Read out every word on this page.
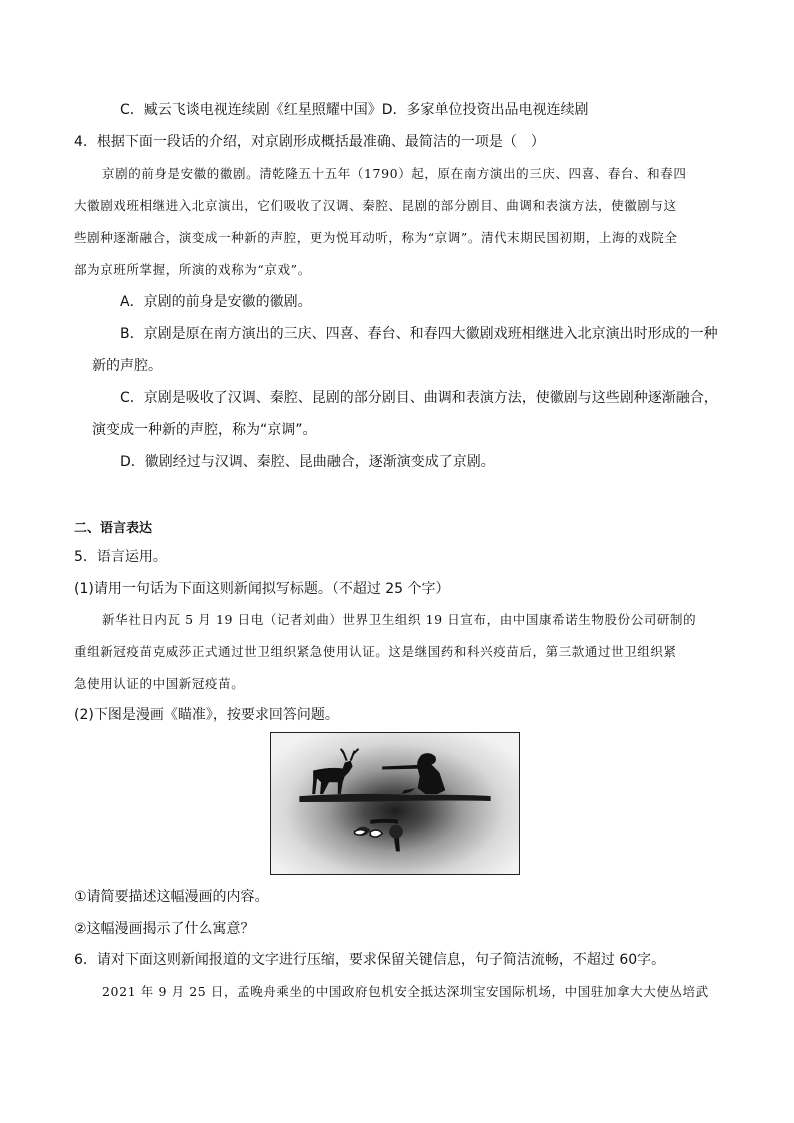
C．臧云飞谈电视连续剧《红星照耀中国》D．多家单位投资出品电视连续剧
4．根据下面一段话的介绍，对京剧形成概括最准确、最简洁的一项是（　）
京剧的前身是安徽的徽剧。清乾隆五十五年（1790）起，原在南方演出的三庆、四喜、春台、和春四
大徽剧戏班相继进入北京演出，它们吸收了汉调、秦腔、昆剧的部分剧目、曲调和表演方法，使徽剧与这
些剧种逐渐融合，演变成一种新的声腔，更为悦耳动听，称为“京调”。清代末期民国初期，上海的戏院全
部为京班所掌握，所演的戏称为“京戏”。
A．京剧的前身是安徽的徽剧。
B．京剧是原在南方演出的三庆、四喜、春台、和春四大徽剧戏班相继进入北京演出时形成的一种
新的声腔。
C．京剧是吸收了汉调、秦腔、昆剧的部分剧目、曲调和表演方法，使徽剧与这些剧种逐渐融合，
演变成一种新的声腔，称为“京调”。
D．徽剧经过与汉调、秦腔、昆曲融合，逐渐演变成了京剧。
二、语言表达
5．语言运用。
(1)请用一句话为下面这则新闻拟写标题。（不超过 25 个字）
新华社日内瓦 5 月 19 日电（记者刘曲）世界卫生组织 19 日宣布，由中国康希诺生物股份公司研制的
重组新冠疫苗克威莎正式通过世卫组织紧急使用认证。这是继国药和科兴疫苗后，第三款通过世卫组织紧
急使用认证的中国新冠疫苗。
(2)下图是漫画《瞄准》，按要求回答问题。
①请简要描述这幅漫画的内容。
②这幅漫画揭示了什么寓意？
6．请对下面这则新闻报道的文字进行压缩，要求保留关键信息，句子简洁流畅，不超过 60字。
2021 年 9 月 25 日，孟晚舟乘坐的中国政府包机安全抵达深圳宝安国际机场，中国驻加拿大大使丛培武
